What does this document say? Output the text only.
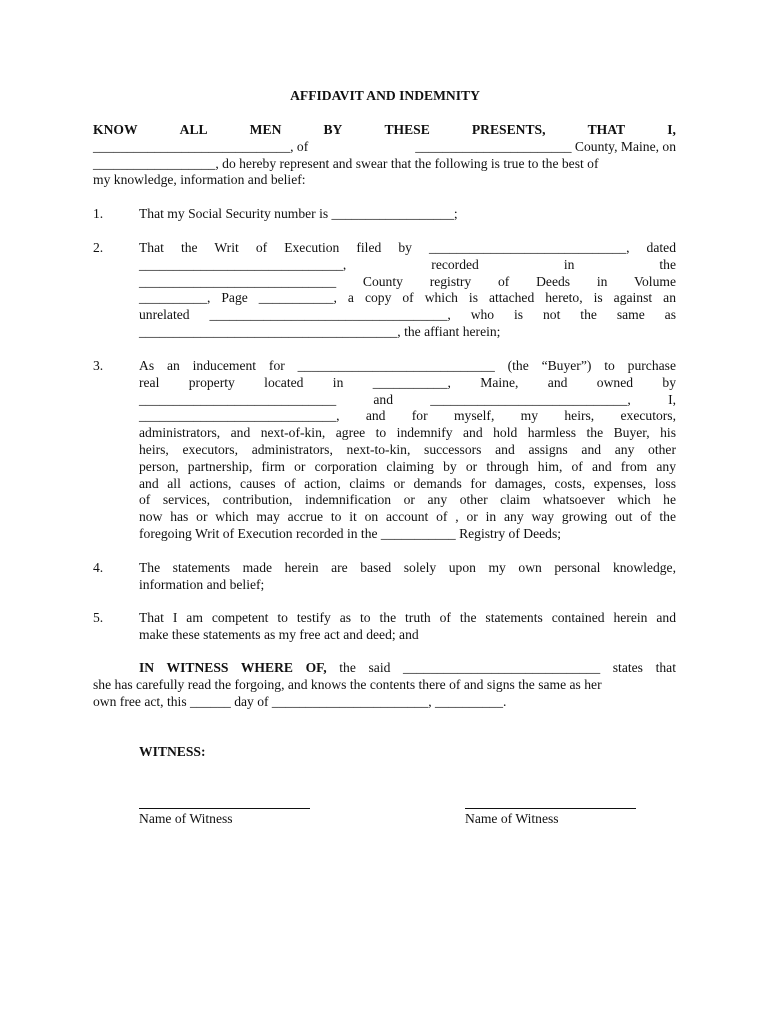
AFFIDAVIT AND INDEMNITY
KNOW	ALL	MEN	BY	THESE	PRESENTS,	THAT	I,
_____________________________, of	_______________________ County, Maine, on
__________________, do hereby represent and swear that the following is true to the best of
my knowledge, information and belief:
1.	That my Social Security number is __________________;
2.	That the Writ of Execution filed by _____________________________, dated
______________________________, recorded in the
_____________________________ County registry of Deeds in Volume
__________, Page ___________, a copy of which is attached hereto, is against an
unrelated ___________________________________, who is not the same as
______________________________________, the affiant herein;
3.	As an inducement for _____________________________ (the “Buyer”) to purchase
real property located in ___________, Maine, and owned by
_____________________________ and _____________________________, I,
_____________________________, and for myself, my heirs, executors,
administrators, and next-of-kin, agree to indemnify and hold harmless the Buyer, his
heirs, executors, administrators, next-to-kin, successors and assigns and any other
person, partnership, firm or corporation claiming by or through him, of and from any
and all actions, causes of action, claims or demands for damages, costs, expenses, loss
of services, contribution, indemnification or any other claim whatsoever which he
now has or which may accrue to it on account of , or in any way growing out of the
foregoing Writ of Execution recorded in the ___________ Registry of Deeds;
4.	The statements made herein are based solely upon my own personal knowledge,
information and belief;
5.	That I am competent to testify as to the truth of the statements contained herein and
make these statements as my free act and deed; and
IN WITNESS WHERE OF, the said _____________________________ states that
she has carefully read the forgoing, and knows the contents there of and signs the same as her
own free act, this ______ day of _______________________, __________.
WITNESS:
Name of Witness	Name of Witness
